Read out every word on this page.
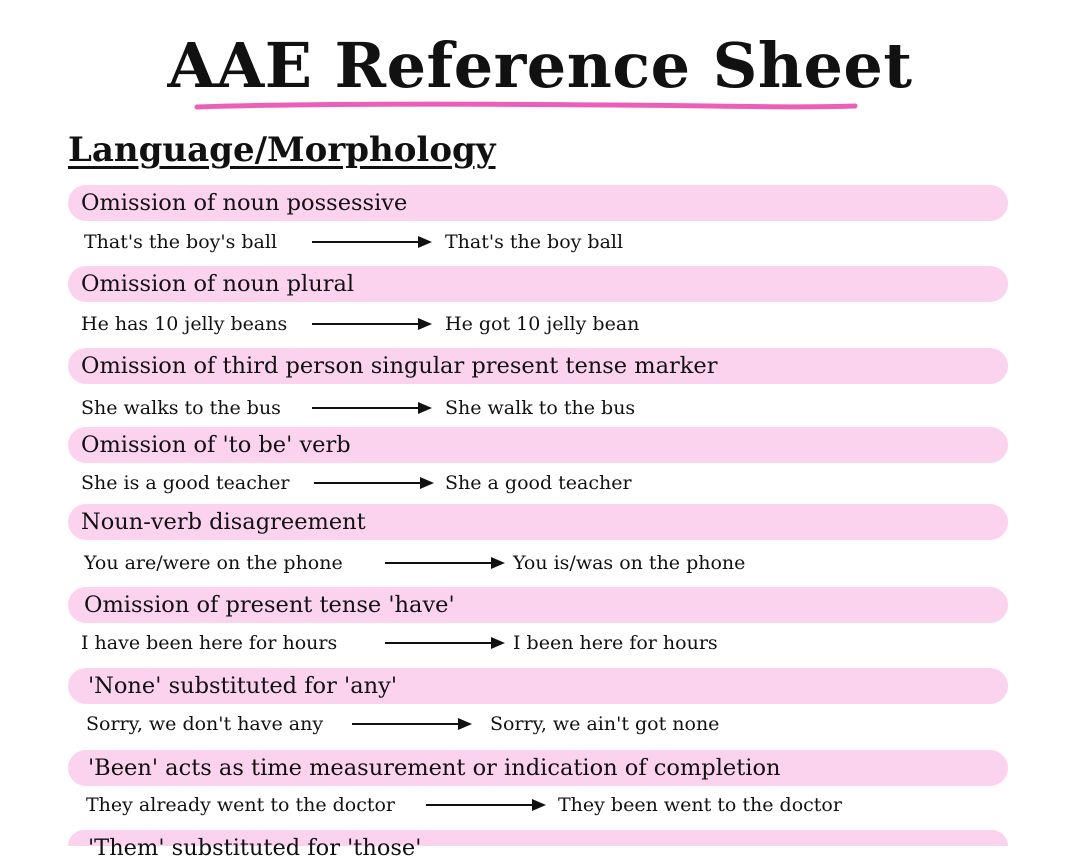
AAE Reference Sheet
Language/Morphology
Omission of noun possessive
That's the boy's ball	That's the boy ball
Omission of noun plural
He has 10 jelly beans	He got 10 jelly bean
Omission of third person singular present tense marker
She walks to the bus	She walk to the bus
Omission of 'to be' verb
She is a good teacher	She a good teacher
Noun-verb disagreement
You are/were on the phone	You is/was on the phone
Omission of present tense 'have'
I have been here for hours	I been here for hours
'None' substituted for 'any'
Sorry, we don't have any	Sorry, we ain't got none
'Been' acts as time measurement or indication of completion
They already went to the doctor	They been went to the doctor
'Them' substituted for 'those'
